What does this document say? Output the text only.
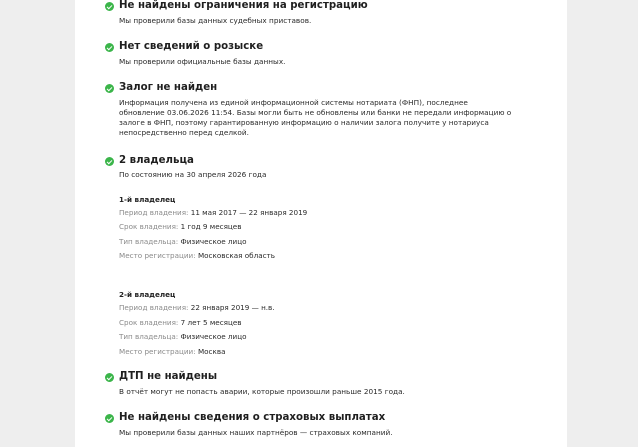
Не найдены ограничения на регистрацию
Мы проверили базы данных судебных приставов.
Нет сведений о розыске
Мы проверили официальные базы данных.
Залог не найден
Информация получена из единой информационной системы нотариата (ФНП), последнее
обновление 03.06.2026 11:54. Базы могли быть не обновлены или банки не передали информацию о
залоге в ФНП, поэтому гарантированную информацию о наличии залога получите у нотариуса
непосредственно перед сделкой.
2 владельца
По состоянию на 30 апреля 2026 года
1-й владелец
Период владения: 11 мая 2017 — 22 января 2019
Срок владения: 1 год 9 месяцев
Тип владельца: Физическое лицо
Место регистрации: Московская область
2-й владелец
Период владения: 22 января 2019 — н.в.
Срок владения: 7 лет 5 месяцев
Тип владельца: Физическое лицо
Место регистрации: Москва
ДТП не найдены
В отчёт могут не попасть аварии, которые произошли раньше 2015 года.
Не найдены сведения о страховых выплатах
Мы проверили базы данных наших партнёров — страховых компаний.
